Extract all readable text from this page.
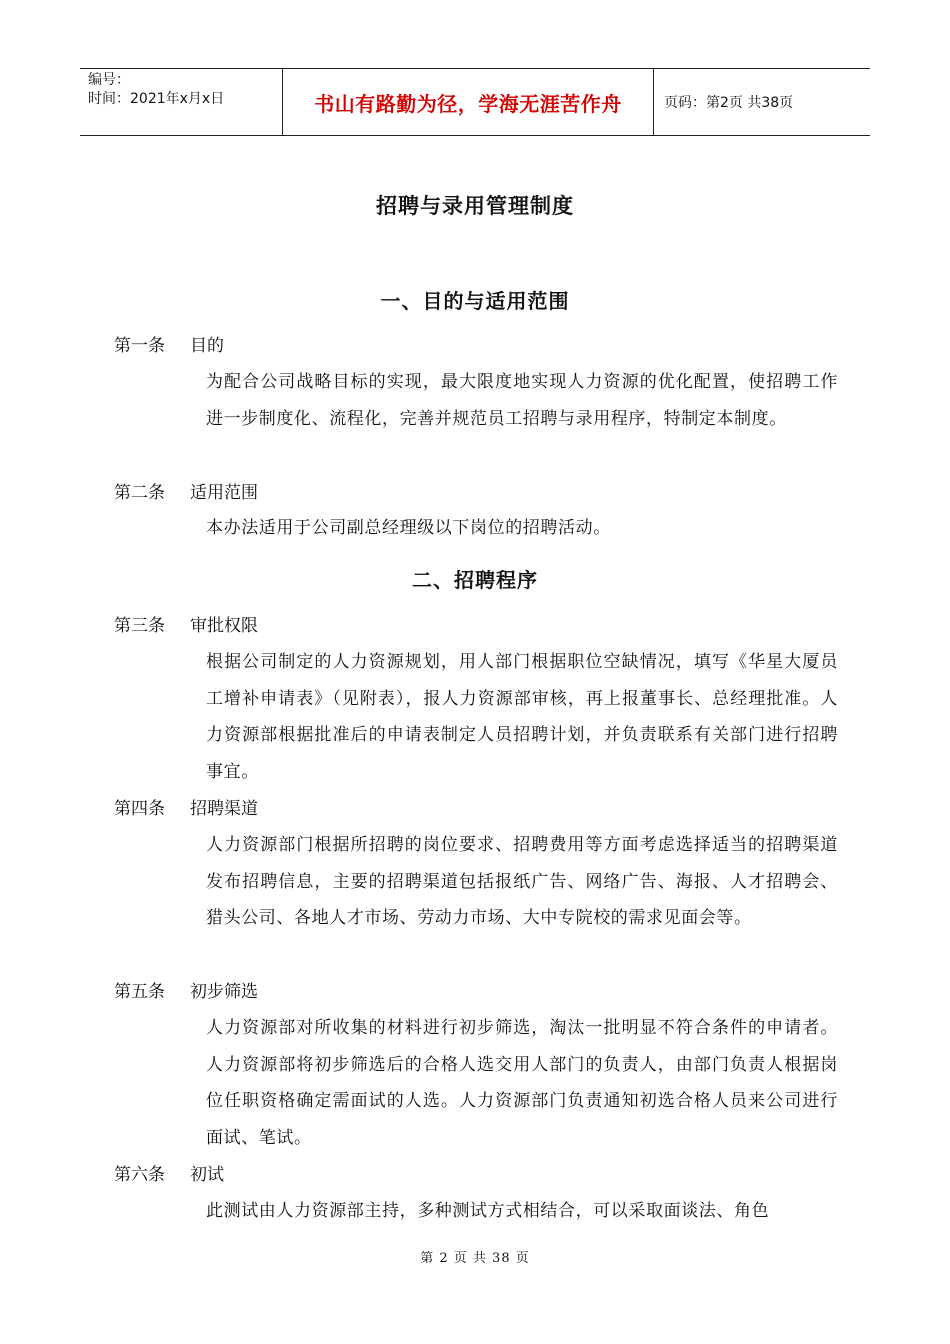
编号：
时间：2021年x月x日	书山有路勤为径，学海无涯苦作舟	页码：第2页 共38页
招聘与录用管理制度
一、目的与适用范围
第一条 目的
为配合公司战略目标的实现，最大限度地实现人力资源的优化配置，使招聘工作进一步制度化、流程化，完善并规范员工招聘与录用程序，特制定本制度。
第二条 适用范围
本办法适用于公司副总经理级以下岗位的招聘活动。
二、招聘程序
第三条 审批权限
根据公司制定的人力资源规划，用人部门根据职位空缺情况，填写《华星大厦员工增补申请表》（见附表），报人力资源部审核，再上报董事长、总经理批准。人力资源部根据批准后的申请表制定人员招聘计划，并负责联系有关部门进行招聘事宜。
第四条 招聘渠道
人力资源部门根据所招聘的岗位要求、招聘费用等方面考虑选择适当的招聘渠道发布招聘信息，主要的招聘渠道包括报纸广告、网络广告、海报、人才招聘会、猎头公司、各地人才市场、劳动力市场、大中专院校的需求见面会等。
第五条 初步筛选
人力资源部对所收集的材料进行初步筛选，淘汰一批明显不符合条件的申请者。人力资源部将初步筛选后的合格人选交用人部门的负责人，由部门负责人根据岗位任职资格确定需面试的人选。人力资源部门负责通知初选合格人员来公司进行面试、笔试。
第六条 初试
此测试由人力资源部主持，多种测试方式相结合，可以采取面谈法、角色
第 2 页 共 38 页
